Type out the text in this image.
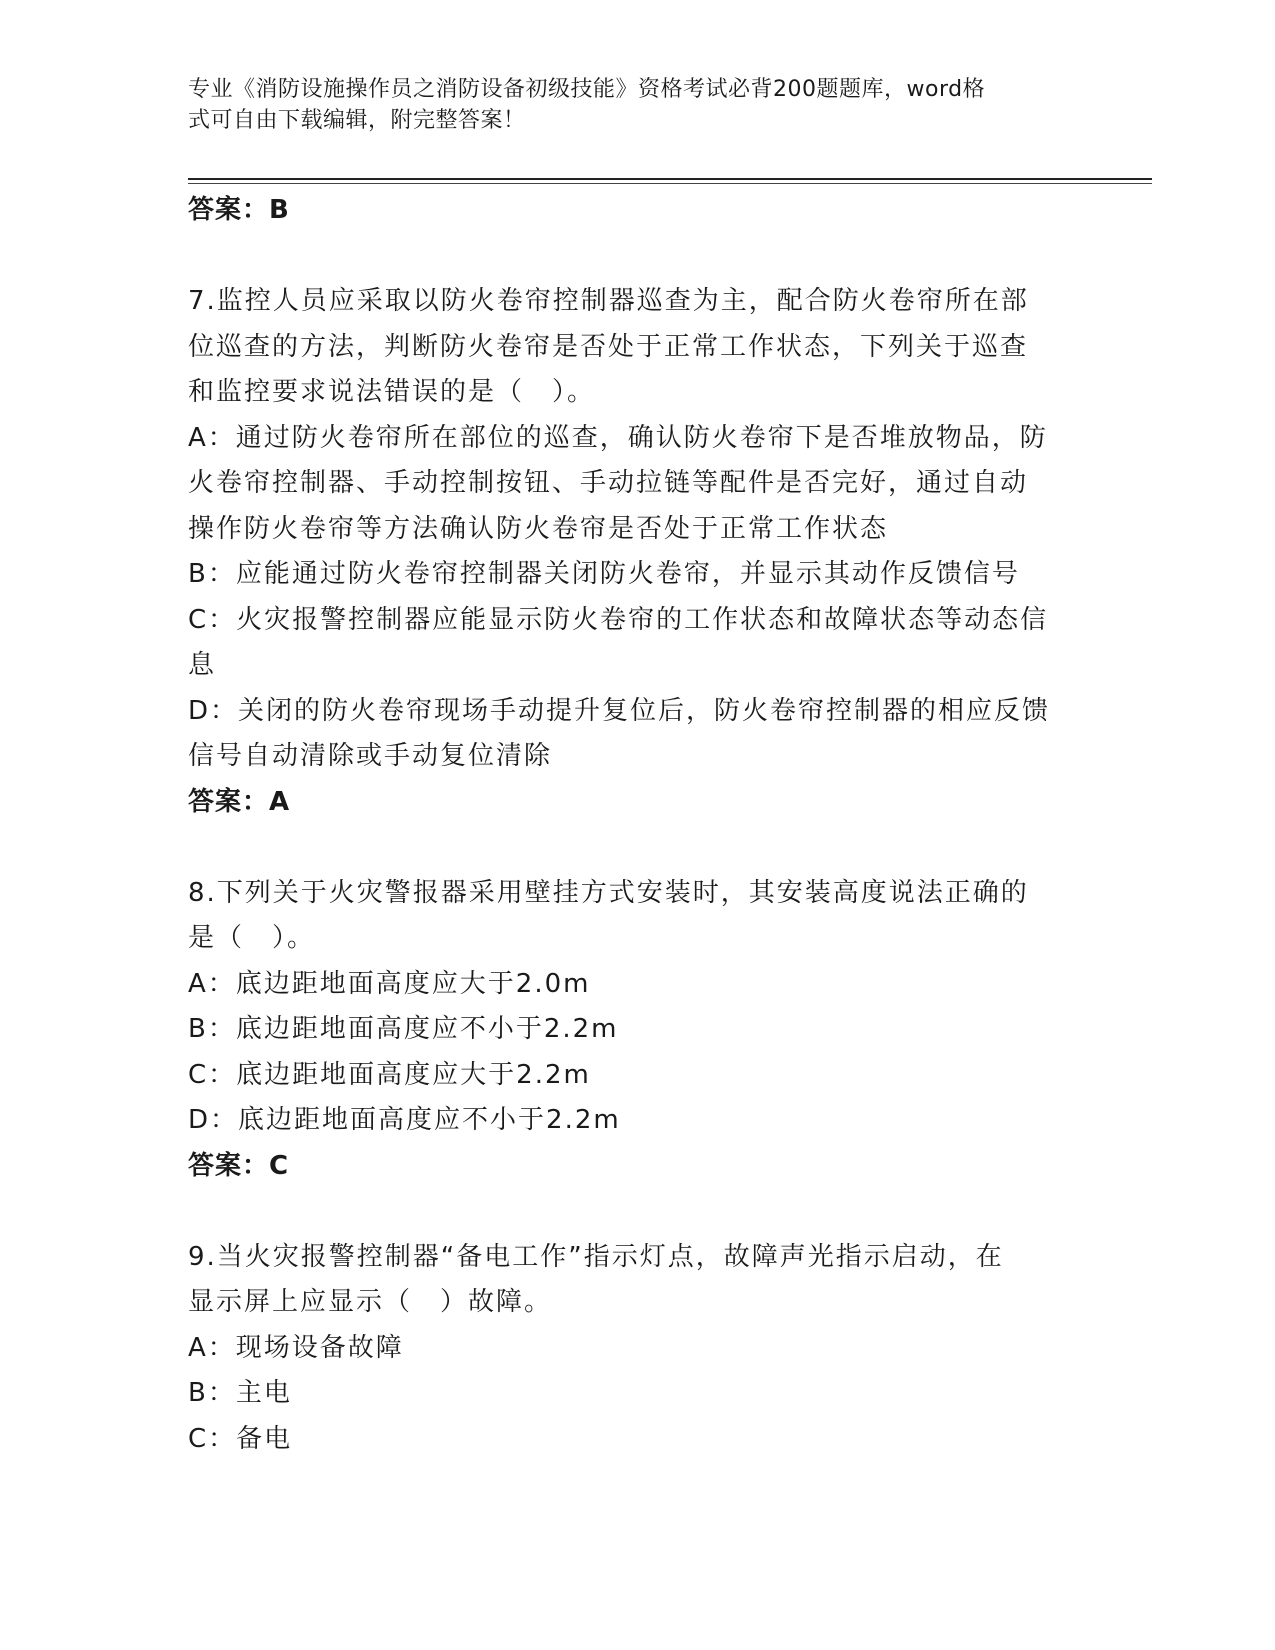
专业《消防设施操作员之消防设备初级技能》资格考试必背200题题库，word格
式可自由下载编辑，附完整答案！
答案：B
7.监控人员应采取以防火卷帘控制器巡查为主，配合防火卷帘所在部
位巡查的方法，判断防火卷帘是否处于正常工作状态，下列关于巡查
和监控要求说法错误的是（　）。
A：通过防火卷帘所在部位的巡查，确认防火卷帘下是否堆放物品，防
火卷帘控制器、手动控制按钮、手动拉链等配件是否完好，通过自动
操作防火卷帘等方法确认防火卷帘是否处于正常工作状态
B：应能通过防火卷帘控制器关闭防火卷帘，并显示其动作反馈信号
C：火灾报警控制器应能显示防火卷帘的工作状态和故障状态等动态信
息
D：关闭的防火卷帘现场手动提升复位后，防火卷帘控制器的相应反馈
信号自动清除或手动复位清除
答案：A
8.下列关于火灾警报器采用壁挂方式安装时，其安装高度说法正确的
是（　）。
A：底边距地面高度应大于2.0m
B：底边距地面高度应不小于2.2m
C：底边距地面高度应大于2.2m
D：底边距地面高度应不小于2.2m
答案：C
9.当火灾报警控制器“备电工作”指示灯点，故障声光指示启动，在
显示屏上应显示（　）故障。
A：现场设备故障
B：主电
C：备电
